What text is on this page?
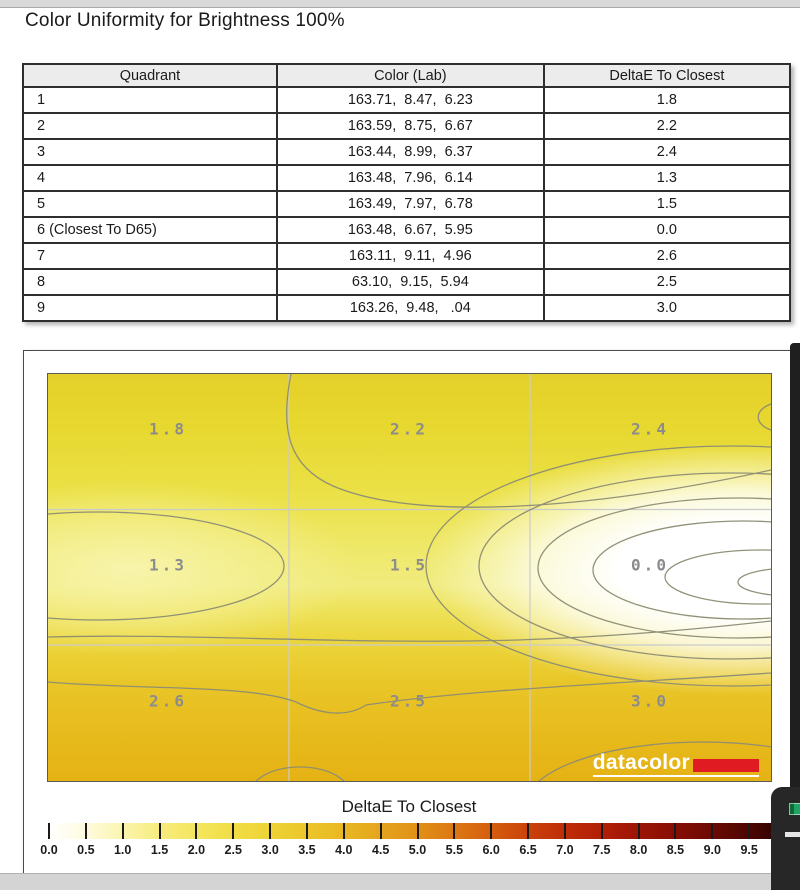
Color Uniformity for Brightness 100%
Quadrant	Color (Lab)	DeltaE To Closest
1	163.71,  8.47,  6.23	1.8
2	163.59,  8.75,  6.67	2.2
3	163.44,  8.99,  6.37	2.4
4	163.48,  7.96,  6.14	1.3
5	163.49,  7.97,  6.78	1.5
6 (Closest To D65)	163.48,  6.67,  5.95	0.0
7	163.11,  9.11,  4.96	2.6
8	63.10,  9.15,  5.94	2.5
9	163.26,  9.48,   .04	3.0
1.8	2.2	2.4
1.3	1.5	0.0
2.6	2.5	3.0
datacolor
DeltaE To Closest
0.0	0.5	1.0	1.5	2.0	2.5	3.0	3.5	4.0	4.5	5.0	5.5	6.0	6.5	7.0	7.5	8.0	8.5	9.0	9.5
